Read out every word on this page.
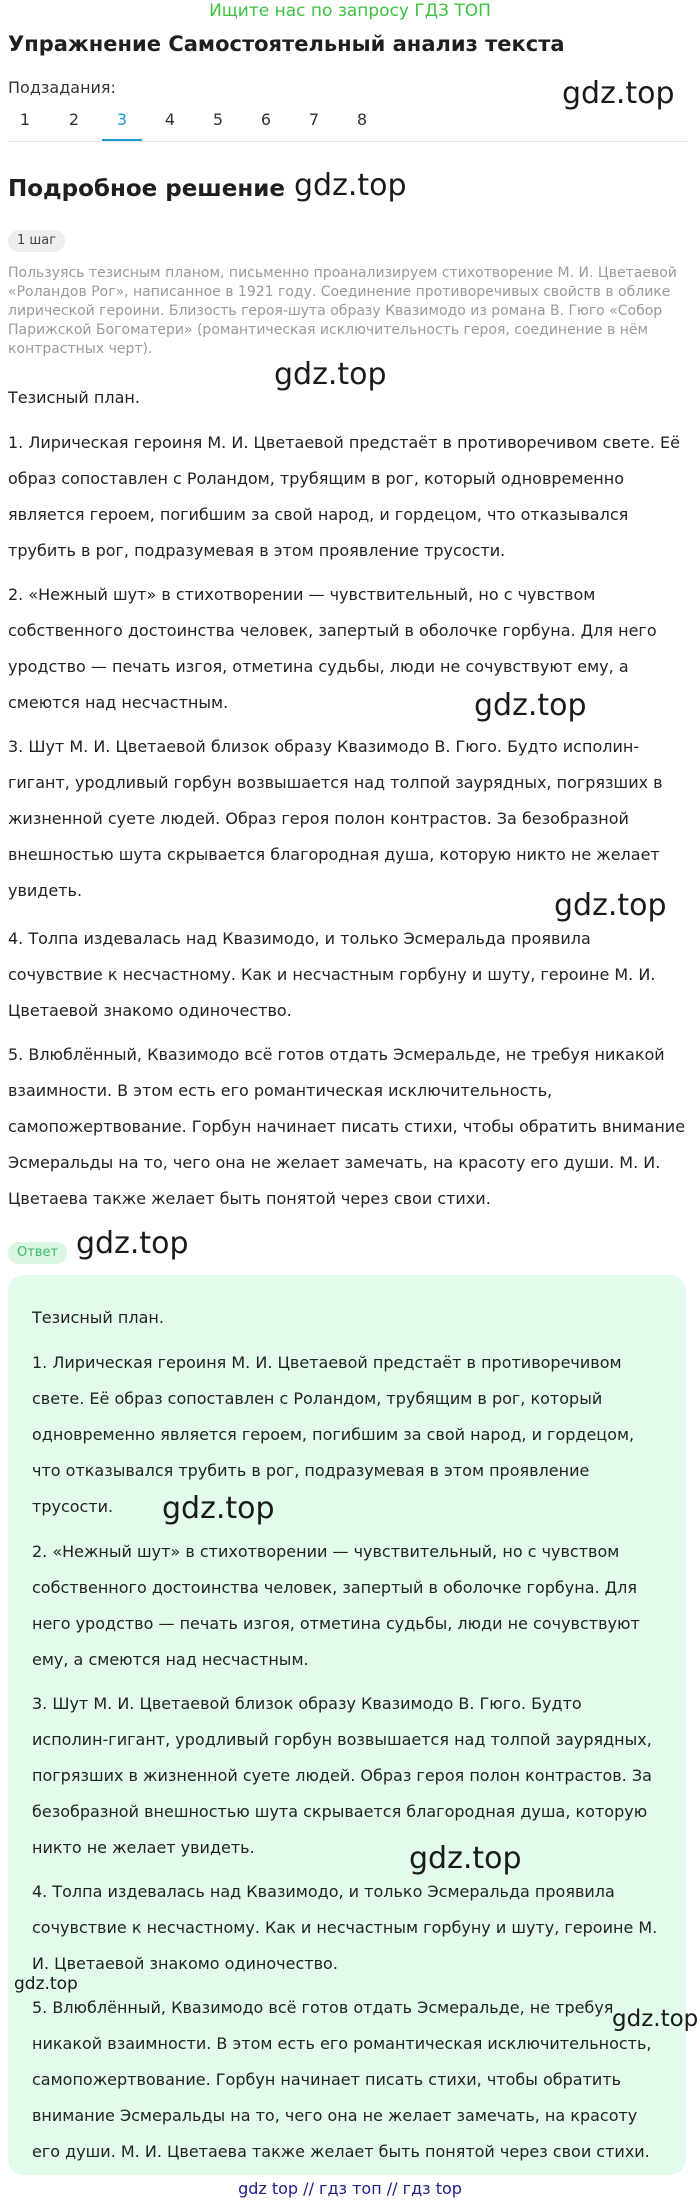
Ищите нас по запросу ГДЗ ТОП
Упражнение Самостоятельный анализ текста
Подзадания:
1	2	3	4	5	6	7	8
gdz.top
Подробное решение gdz.top
1 шаг
Пользуясь тезисным планом, письменно проанализируем стихотворение М. И. Цветаевой «Роландов Рог», написанное в 1921 году. Соединение противоречивых свойств в облике лирической героини. Близость героя-шута образу Квазимодо из романа В. Гюго «Собор Парижской Богоматери» (романтическая исключительность героя, соединение в нём контрастных черт).
gdz.top
Тезисный план.
1. Лирическая героиня М. И. Цветаевой предстаёт в противоречивом свете. Её образ сопоставлен с Роландом, трубящим в рог, который одновременно является героем, погибшим за свой народ, и гордецом, что отказывался трубить в рог, подразумевая в этом проявление трусости.
2. «Нежный шут» в стихотворении — чувствительный, но с чувством собственного достоинства человек, запертый в оболочке горбуна. Для него уродство — печать изгоя, отметина судьбы, люди не сочувствуют ему, а смеются над несчастным.	gdz.top
3. Шут М. И. Цветаевой близок образу Квазимодо В. Гюго. Будто исполин-гигант, уродливый горбун возвышается над толпой заурядных, погрязших в жизненной суете людей. Образ героя полон контрастов. За безобразной внешностью шута скрывается благородная душа, которую никто не желает увидеть.	gdz.top
4. Толпа издевалась над Квазимодо, и только Эсмеральда проявила сочувствие к несчастному. Как и несчастным горбуну и шуту, героине М. И. Цветаевой знакомо одиночество.
5. Влюблённый, Квазимодо всё готов отдать Эсмеральде, не требуя никакой взаимности. В этом есть его романтическая исключительность, самопожертвование. Горбун начинает писать стихи, чтобы обратить внимание Эсмеральды на то, чего она не желает замечать, на красоту его души. М. И. Цветаева также желает быть понятой через свои стихи.
Ответ gdz.top
Тезисный план.
1. Лирическая героиня М. И. Цветаевой предстаёт в противоречивом свете. Её образ сопоставлен с Роландом, трубящим в рог, который одновременно является героем, погибшим за свой народ, и гордецом, что отказывался трубить в рог, подразумевая в этом проявление трусости.	gdz.top
2. «Нежный шут» в стихотворении — чувствительный, но с чувством собственного достоинства человек, запертый в оболочке горбуна. Для него уродство — печать изгоя, отметина судьбы, люди не сочувствуют ему, а смеются над несчастным.
3. Шут М. И. Цветаевой близок образу Квазимодо В. Гюго. Будто исполин-гигант, уродливый горбун возвышается над толпой заурядных, погрязших в жизненной суете людей. Образ героя полон контрастов. За безобразной внешностью шута скрывается благородная душа, которую никто не желает увидеть.	gdz.top
4. Толпа издевалась над Квазимодо, и только Эсмеральда проявила сочувствие к несчастному. Как и несчастным горбуну и шуту, героине М. И. Цветаевой знакомо одиночество.
gdz.top
gdz.top
5. Влюблённый, Квазимодо всё готов отдать Эсмеральде, не требуя никакой взаимности. В этом есть его романтическая исключительность, самопожертвование. Горбун начинает писать стихи, чтобы обратить внимание Эсмеральды на то, чего она не желает замечать, на красоту его души. М. И. Цветаева также желает быть понятой через свои стихи.
gdz top // гдз топ // гдз top
